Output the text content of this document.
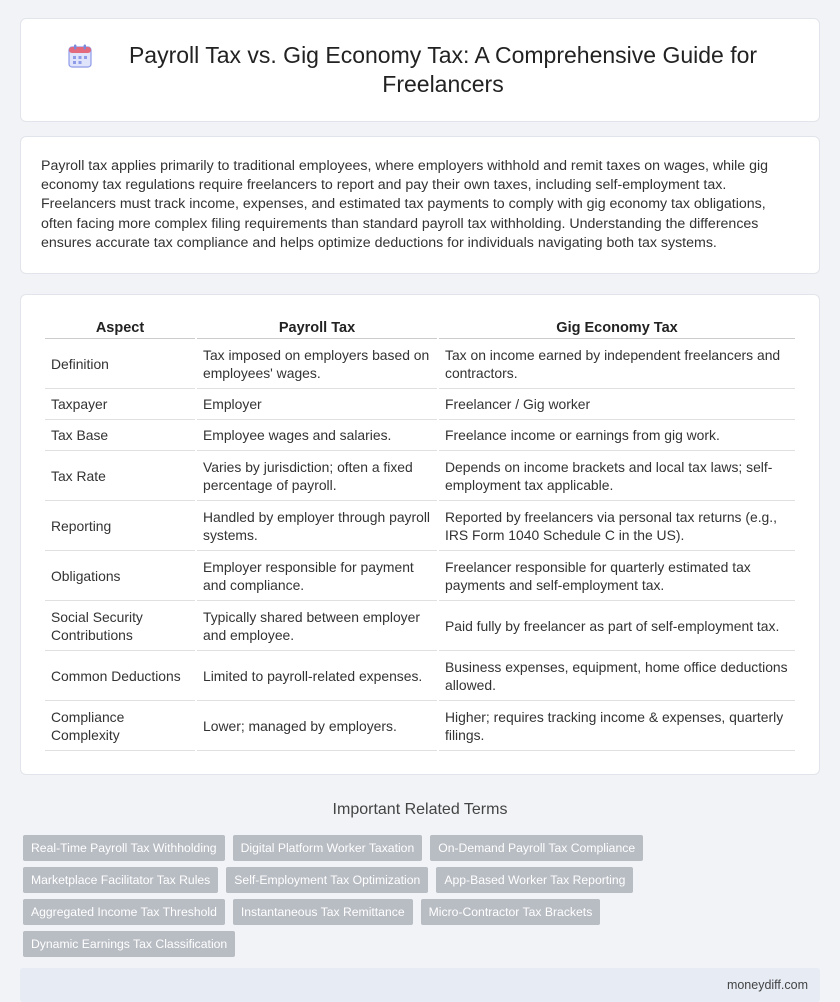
Payroll Tax vs. Gig Economy Tax: A Comprehensive Guide for Freelancers

Payroll tax applies primarily to traditional employees, where employers withhold and remit taxes on wages, while gig economy tax regulations require freelancers to report and pay their own taxes, including self-employment tax. Freelancers must track income, expenses, and estimated tax payments to comply with gig economy tax obligations, often facing more complex filing requirements than standard payroll tax withholding. Understanding the differences ensures accurate tax compliance and helps optimize deductions for individuals navigating both tax systems.

Aspect	Payroll Tax	Gig Economy Tax
Definition	Tax imposed on employers based on employees' wages.	Tax on income earned by independent freelancers and contractors.
Taxpayer	Employer	Freelancer / Gig worker
Tax Base	Employee wages and salaries.	Freelance income or earnings from gig work.
Tax Rate	Varies by jurisdiction; often a fixed percentage of payroll.	Depends on income brackets and local tax laws; self-employment tax applicable.
Reporting	Handled by employer through payroll systems.	Reported by freelancers via personal tax returns (e.g., IRS Form 1040 Schedule C in the US).
Obligations	Employer responsible for payment and compliance.	Freelancer responsible for quarterly estimated tax payments and self-employment tax.
Social Security Contributions	Typically shared between employer and employee.	Paid fully by freelancer as part of self-employment tax.
Common Deductions	Limited to payroll-related expenses.	Business expenses, equipment, home office deductions allowed.
Compliance Complexity	Lower; managed by employers.	Higher; requires tracking income & expenses, quarterly filings.
Important Related Terms
Real-Time Payroll Tax Withholding	Digital Platform Worker Taxation	On-Demand Payroll Tax Compliance
Marketplace Facilitator Tax Rules	Self-Employment Tax Optimization	App-Based Worker Tax Reporting
Aggregated Income Tax Threshold	Instantaneous Tax Remittance	Micro-Contractor Tax Brackets
Dynamic Earnings Tax Classification
moneydiff.com
